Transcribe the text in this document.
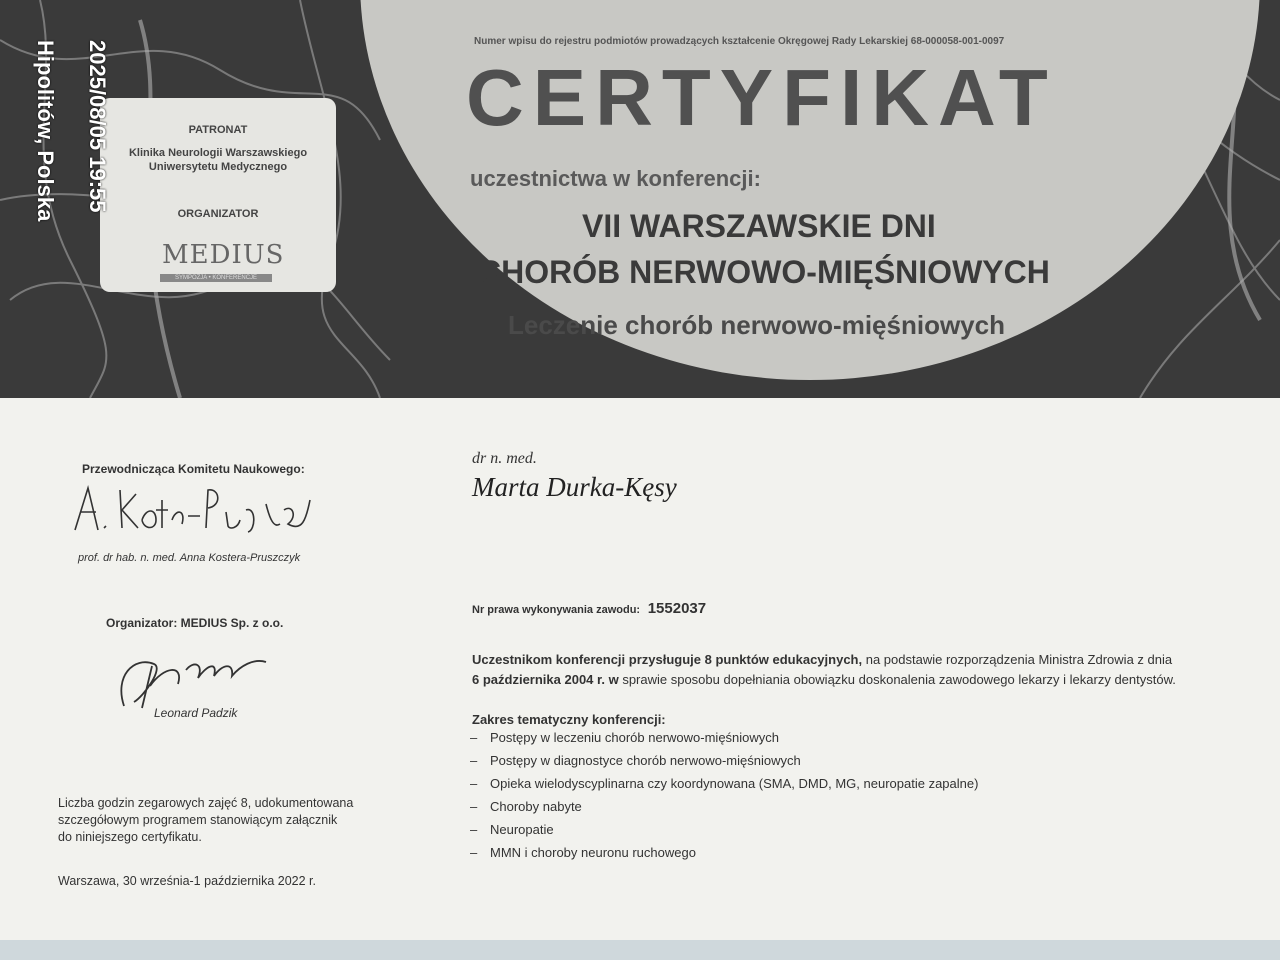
Numer wpisu do rejestru podmiotów prowadzących kształcenie Okręgowej Rady Lekarskiej 68-000058-001-0097
CERTYFIKAT
uczestnictwa w konferencji:
VII WARSZAWSKIE DNI
CHORÓB NERWOWO-MIĘŚNIOWYCH
Leczenie chorób nerwowo-mięśniowych
PATRONAT
Klinika Neurologii Warszawskiego Uniwersytetu Medycznego
ORGANIZATOR
MEDIUS
SYMPOZJA • KONFERENCJE
Hipolitów, Polska 2025/08/05 19:55
Przewodnicząca Komitetu Naukowego:
prof. dr hab. n. med. Anna Kostera-Pruszczyk
Organizator: MEDIUS Sp. z o.o.
Leonard Padzik
Liczba godzin zegarowych zajęć 8, udokumentowana
szczegółowym programem stanowiącym załącznik
do niniejszego certyfikatu.
Warszawa, 30 września-1 października 2022 r.
dr n. med.
Marta Durka-Kęsy
Nr prawa wykonywania zawodu: 1552037
Uczestnikom konferencji przysługuje 8 punktów edukacyjnych, na podstawie rozporządzenia Ministra Zdrowia z dnia
6 października 2004 r. w sprawie sposobu dopełniania obowiązku doskonalenia zawodowego lekarzy i lekarzy dentystów.
Zakres tematyczny konferencji:
– Postępy w leczeniu chorób nerwowo-mięśniowych
– Postępy w diagnostyce chorób nerwowo-mięśniowych
– Opieka wielodyscyplinarna czy koordynowana (SMA, DMD, MG, neuropatie zapalne)
– Choroby nabyte
– Neuropatie
– MMN i choroby neuronu ruchowego
